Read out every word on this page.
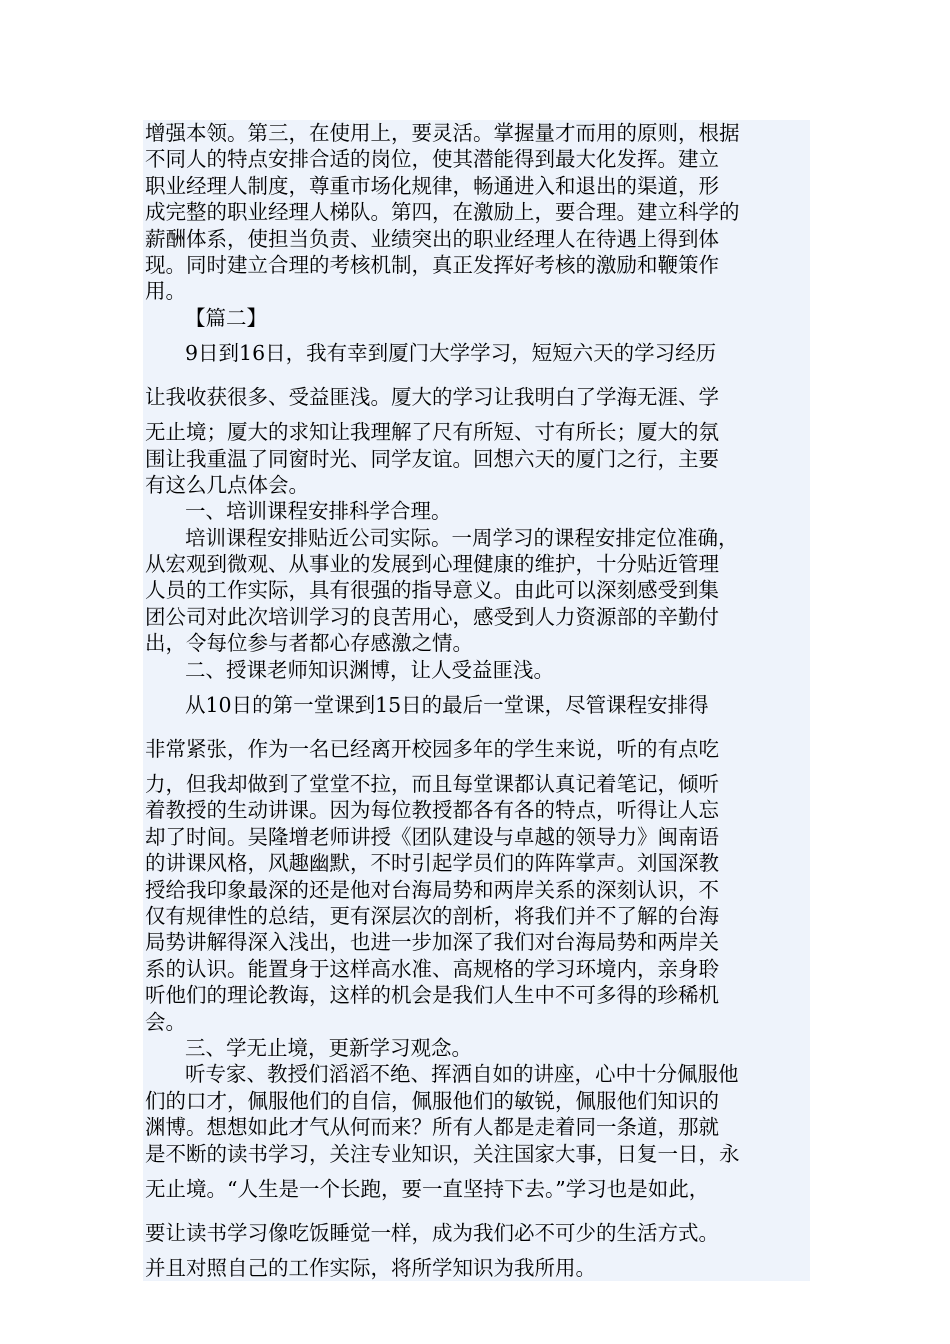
增强本领。第三，在使用上，要灵活。掌握量才而用的原则，根据
不同人的特点安排合适的岗位，使其潜能得到最大化发挥。建立
职业经理人制度，尊重市场化规律，畅通进入和退出的渠道，形
成完整的职业经理人梯队。第四，在激励上，要合理。建立科学的
薪酬体系，使担当负责、业绩突出的职业经理人在待遇上得到体
现。同时建立合理的考核机制，真正发挥好考核的激励和鞭策作
用。
【篇二】
9日到16日，我有幸到厦门大学学习，短短六天的学习经历
让我收获很多、受益匪浅。厦大的学习让我明白了学海无涯、学
无止境；厦大的求知让我理解了尺有所短、寸有所长；厦大的氛
围让我重温了同窗时光、同学友谊。回想六天的厦门之行，主要
有这么几点体会。
一、培训课程安排科学合理。
培训课程安排贴近公司实际。一周学习的课程安排定位准确，
从宏观到微观、从事业的发展到心理健康的维护，十分贴近管理
人员的工作实际，具有很强的指导意义。由此可以深刻感受到集
团公司对此次培训学习的良苦用心，感受到人力资源部的辛勤付
出，令每位参与者都心存感激之情。
二、授课老师知识渊博，让人受益匪浅。
从10日的第一堂课到15日的最后一堂课，尽管课程安排得
非常紧张，作为一名已经离开校园多年的学生来说，听的有点吃
力，但我却做到了堂堂不拉，而且每堂课都认真记着笔记，倾听
着教授的生动讲课。因为每位教授都各有各的特点，听得让人忘
却了时间。吴隆增老师讲授《团队建设与卓越的领导力》闽南语
的讲课风格，风趣幽默，不时引起学员们的阵阵掌声。刘国深教
授给我印象最深的还是他对台海局势和两岸关系的深刻认识，不
仅有规律性的总结，更有深层次的剖析，将我们并不了解的台海
局势讲解得深入浅出，也进一步加深了我们对台海局势和两岸关
系的认识。能置身于这样高水准、高规格的学习环境内，亲身聆
听他们的理论教诲，这样的机会是我们人生中不可多得的珍稀机
会。
三、学无止境，更新学习观念。
听专家、教授们滔滔不绝、挥洒自如的讲座，心中十分佩服他
们的口才，佩服他们的自信，佩服他们的敏锐，佩服他们知识的
渊博。想想如此才气从何而来？所有人都是走着同一条道，那就
是不断的读书学习，关注专业知识，关注国家大事，日复一日，永
无止境。“人生是一个长跑，要一直坚持下去。”学习也是如此，
要让读书学习像吃饭睡觉一样，成为我们必不可少的生活方式。
并且对照自己的工作实际，将所学知识为我所用。
